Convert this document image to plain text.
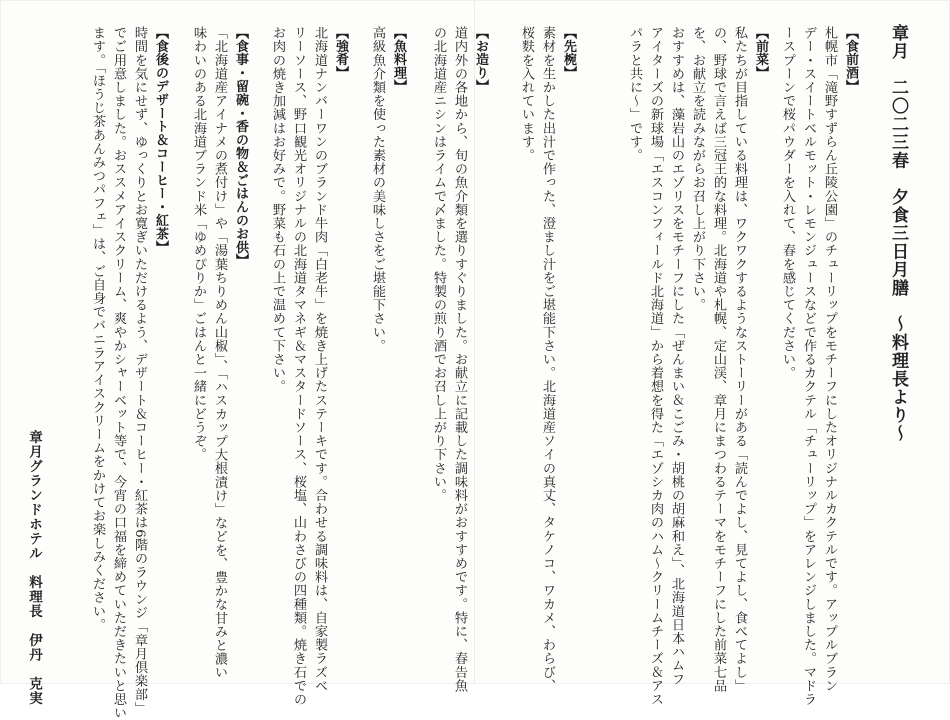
章月　二〇二三春　夕食三日月膳　～料理長より～
【食前酒】
札幌市「滝野すずらん丘陵公園」のチューリップをモチーフにしたオリジナルカクテルです。アップルブラン
デー・スイートベルモット・レモンジュースなどで作るカクテル「チューリップ」をアレンジしました。マドラ
ースプーンで桜パウダーを入れて、春を感じてください。
【前菜】
私たちが目指している料理は、ワクワクするようなストーリーがある「読んでよし、見てよし、食べてよし」
の、野球で言えば三冠王的な料理。北海道や札幌、定山渓、章月にまつわるテーマをモチーフにした前菜七品
を、お献立を読みながらお召し上がり下さい。
おすすめは、藻岩山のエゾリスをモチーフにした「ぜんまい＆こごみ・胡桃の胡麻和え」、北海道日本ハムフ
アイターズの新球場「エスコンフィールド北海道」から着想を得た「エゾシカ肉のハム～クリームチーズ＆アス
パラと共に～」です。
【先椀】
素材を生かした出汁で作った、澄まし汁をご堪能下さい。北海道産ソイの真丈、タケノコ、ワカメ、わらび、
桜麩を入れています。
【お造り】
道内外の各地から、旬の魚介類を選りすぐりました。お献立に記載した調味料がおすすめです。特に、春告魚
の北海道産ニシンはライムで〆ました。特製の煎り酒でお召し上がり下さい。
【魚料理】
高級魚介類を使った素材の美味しさをご堪能下さい。
【強肴】
北海道ナンバーワンのブランド牛肉「白老牛」を焼き上げたステーキです。合わせる調味料は、自家製ラズベ
リーソース、野口観光オリジナルの北海道タマネギ＆マスタードソース、桜塩、山わさびの四種類。焼き石での
お肉の焼き加減はお好みで。野菜も石の上で温めて下さい。
【食事・留碗・香の物＆ごはんのお供】
「北海道産アイナメの煮付け」や「湯葉ちりめん山椒」、「ハスカップ大根漬け」などを、豊かな甘みと濃い
味わいのある北海道ブランド米「ゆめぴりか」ごはんと一緒にどうぞ。
【食後のデザート＆コーヒー・紅茶】
時間を気にせず、ゆっくりとお寛ぎいただけるよう、デザート＆コーヒー・紅茶は6階のラウンジ「章月倶楽部」
でご用意しました。おススメアイスクリーム、爽やかシャーベット等で、今宵の口福を締めていただきたいと思い
ます。「ほうじ茶あんみつパフェ」は、ご自身でバニラアイスクリームをかけてお楽しみください。
章月グランドホテル　料理長　伊丹　克実
